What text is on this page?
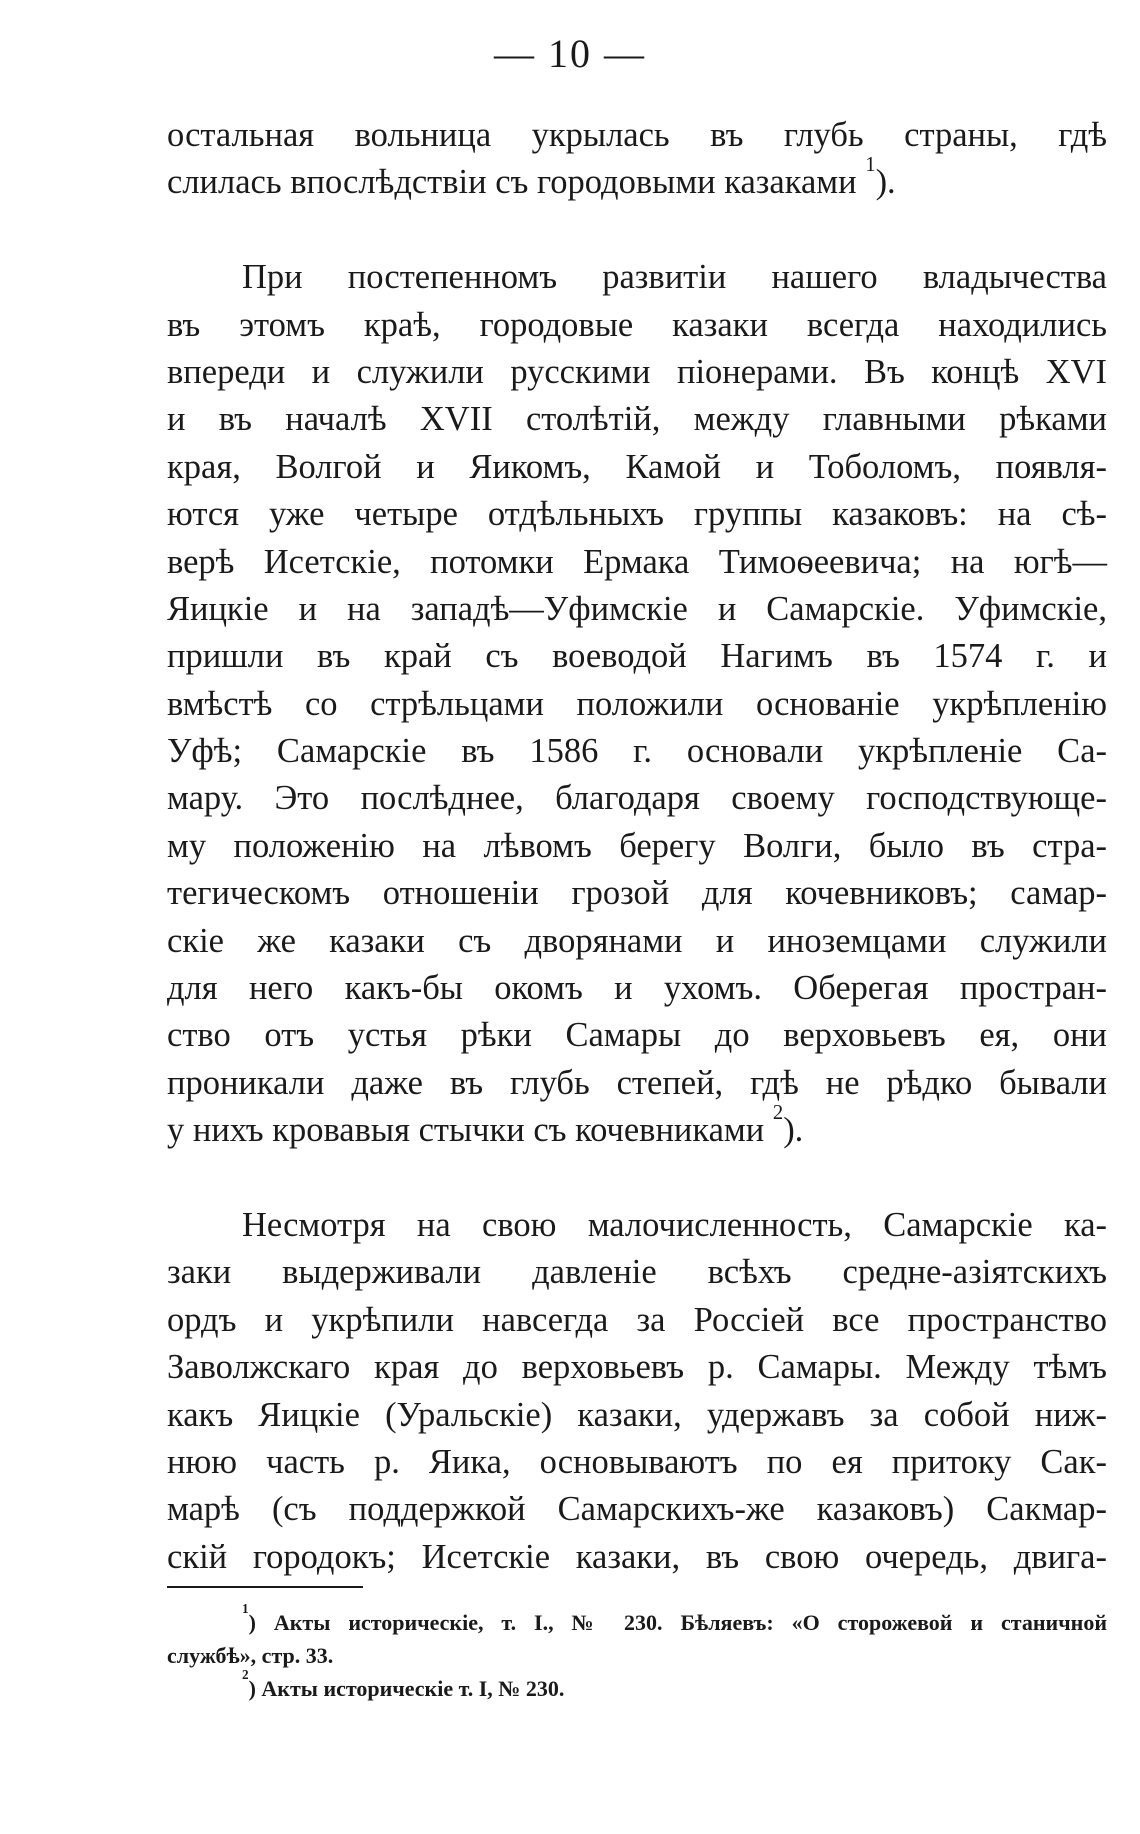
— 10 —
остальная вольница укрылась въ глубь страны, гдѣ
слилась впослѣдствіи съ городовыми казаками $^1$).
При постепенномъ развитіи нашего владычества
въ этомъ краѣ, городовые казаки всегда находились
впереди и служили русскими піонерами. Въ концѣ XVI
и въ началѣ XVII столѣтій, между главными рѣками
края, Волгой и Яикомъ, Камой и Тоболомъ, появля-
ются уже четыре отдѣльныхъ группы казаковъ: на сѣ-
верѣ Исетскіе, потомки Ермака Тимоѳеевича; на югѣ—
Яицкіе и на западѣ—Уфимскіе и Самарскіе. Уфимскіе,
пришли въ край съ воеводой Нагимъ въ 1574 г. и
вмѣстѣ со стрѣльцами положили основаніе укрѣпленію
Уфѣ; Самарскіе въ 1586 г. основали укрѣпленіе Са-
мару. Это послѣднее, благодаря своему господствующе-
му положенію на лѣвомъ берегу Волги, было въ стра-
тегическомъ отношеніи грозой для кочевниковъ; самар-
скіе же казаки съ дворянами и иноземцами служили
для него какъ-бы окомъ и ухомъ. Оберегая простран-
ство отъ устья рѣки Самары до верховьевъ ея, они
проникали даже въ глубь степей, гдѣ не рѣдко бывали
у нихъ кровавыя стычки съ кочевниками $^2$).
Несмотря на свою малочисленность, Самарскіе ка-
заки выдерживали давленіе всѣхъ средне-азіятскихъ
ордъ и укрѣпили навсегда за Россіей все пространство
Заволжскаго края до верховьевъ р. Самары. Между тѣмъ
какъ Яицкіе (Уральскіе) казаки, удержавъ за собой ниж-
нюю часть р. Яика, основываютъ по ея притоку Сак-
марѣ (съ поддержкой Самарскихъ-же казаковъ) Сакмар-
скій городокъ; Исетскіе казаки, въ свою очередь, двига-
$^1$) Акты историческіе, т. I., № 230. Бѣляевъ: «О сторожевой и станичной
службѣ», стр. 33.
$^2$) Акты историческіе т. I, № 230.
